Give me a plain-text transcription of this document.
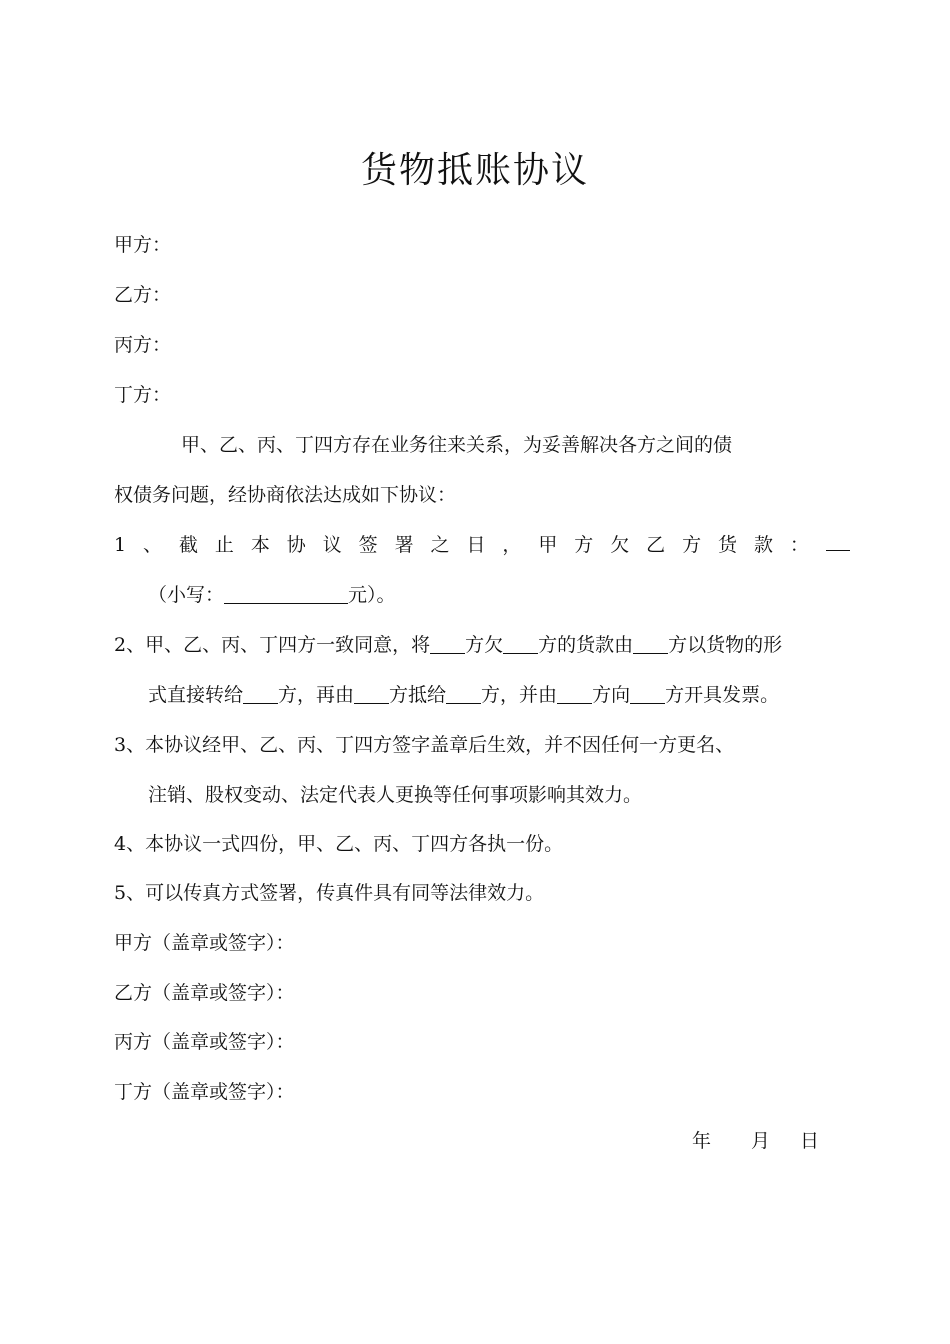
货物抵账协议
甲方：
乙方：
丙方：
丁方：
甲、乙、丙、丁四方存在业务往来关系，为妥善解决各方之间的债
权债务问题，经协商依法达成如下协议：
1 、 截 止 本 协 议 签 署 之 日 ， 甲 方 欠 乙 方 货 款 ：
（小写：	元）。
2、甲、乙、丙、丁四方一致同意，将 方欠 方的货款由 方以货物的形
式直接转给 方，再由 方抵给 方，并由 方向 方开具发票。
3、本协议经甲、乙、丙、丁四方签字盖章后生效，并不因任何一方更名、
注销、股权变动、法定代表人更换等任何事项影响其效力。
4、本协议一式四份，甲、乙、丙、丁四方各执一份。
5、可以传真方式签署，传真件具有同等法律效力。
甲方（盖章或签字）：
乙方（盖章或签字）：
丙方（盖章或签字）：
丁方（盖章或签字）：
年 月 日
